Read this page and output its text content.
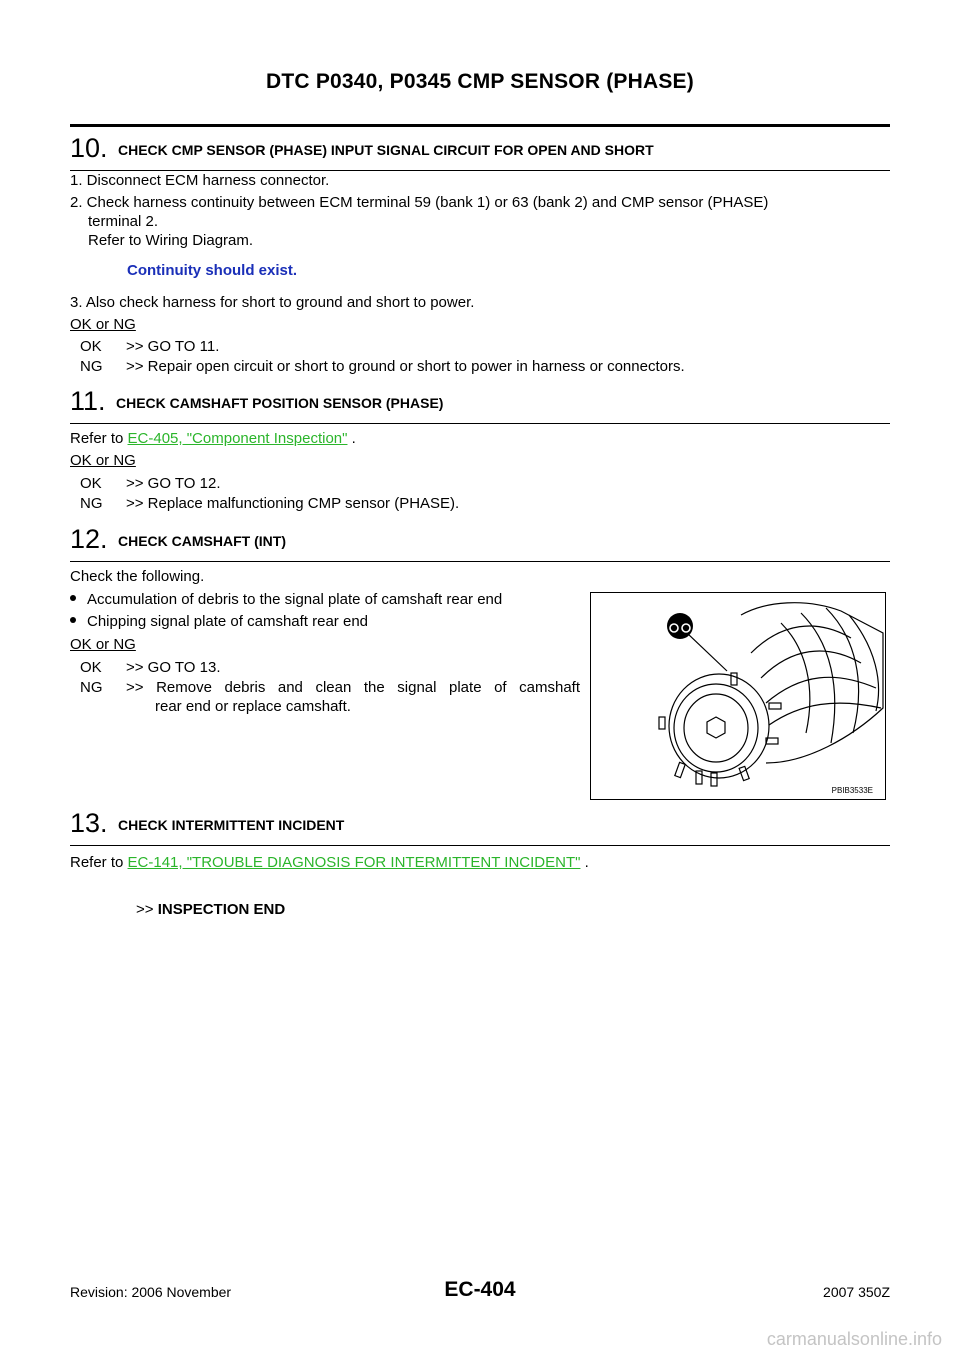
DTC P0340, P0345 CMP SENSOR (PHASE)
10. CHECK CMP SENSOR (PHASE) INPUT SIGNAL CIRCUIT FOR OPEN AND SHORT
1. Disconnect ECM harness connector.
2. Check harness continuity between ECM terminal 59 (bank 1) or 63 (bank 2) and CMP sensor (PHASE)
terminal 2.
Refer to Wiring Diagram.
Continuity should exist.
3. Also check harness for short to ground and short to power.
OK or NG
OK >> GO TO 11.
NG >> Repair open circuit or short to ground or short to power in harness or connectors.
11. CHECK CAMSHAFT POSITION SENSOR (PHASE)
Refer to EC-405, "Component Inspection" .
OK or NG
OK >> GO TO 12.
NG >> Replace malfunctioning CMP sensor (PHASE).
12. CHECK CAMSHAFT (INT)
Check the following.
Accumulation of debris to the signal plate of camshaft rear end
Chipping signal plate of camshaft rear end
OK or NG
OK >> GO TO 13.
NG >> Remove debris and clean the signal plate of camshaft
rear end or replace camshaft.
PBIB3533E
13. CHECK INTERMITTENT INCIDENT
Refer to EC-141, "TROUBLE DIAGNOSIS FOR INTERMITTENT INCIDENT" .
>> INSPECTION END
Revision: 2006 November	EC-404	2007 350Z
carmanualsonline.info
